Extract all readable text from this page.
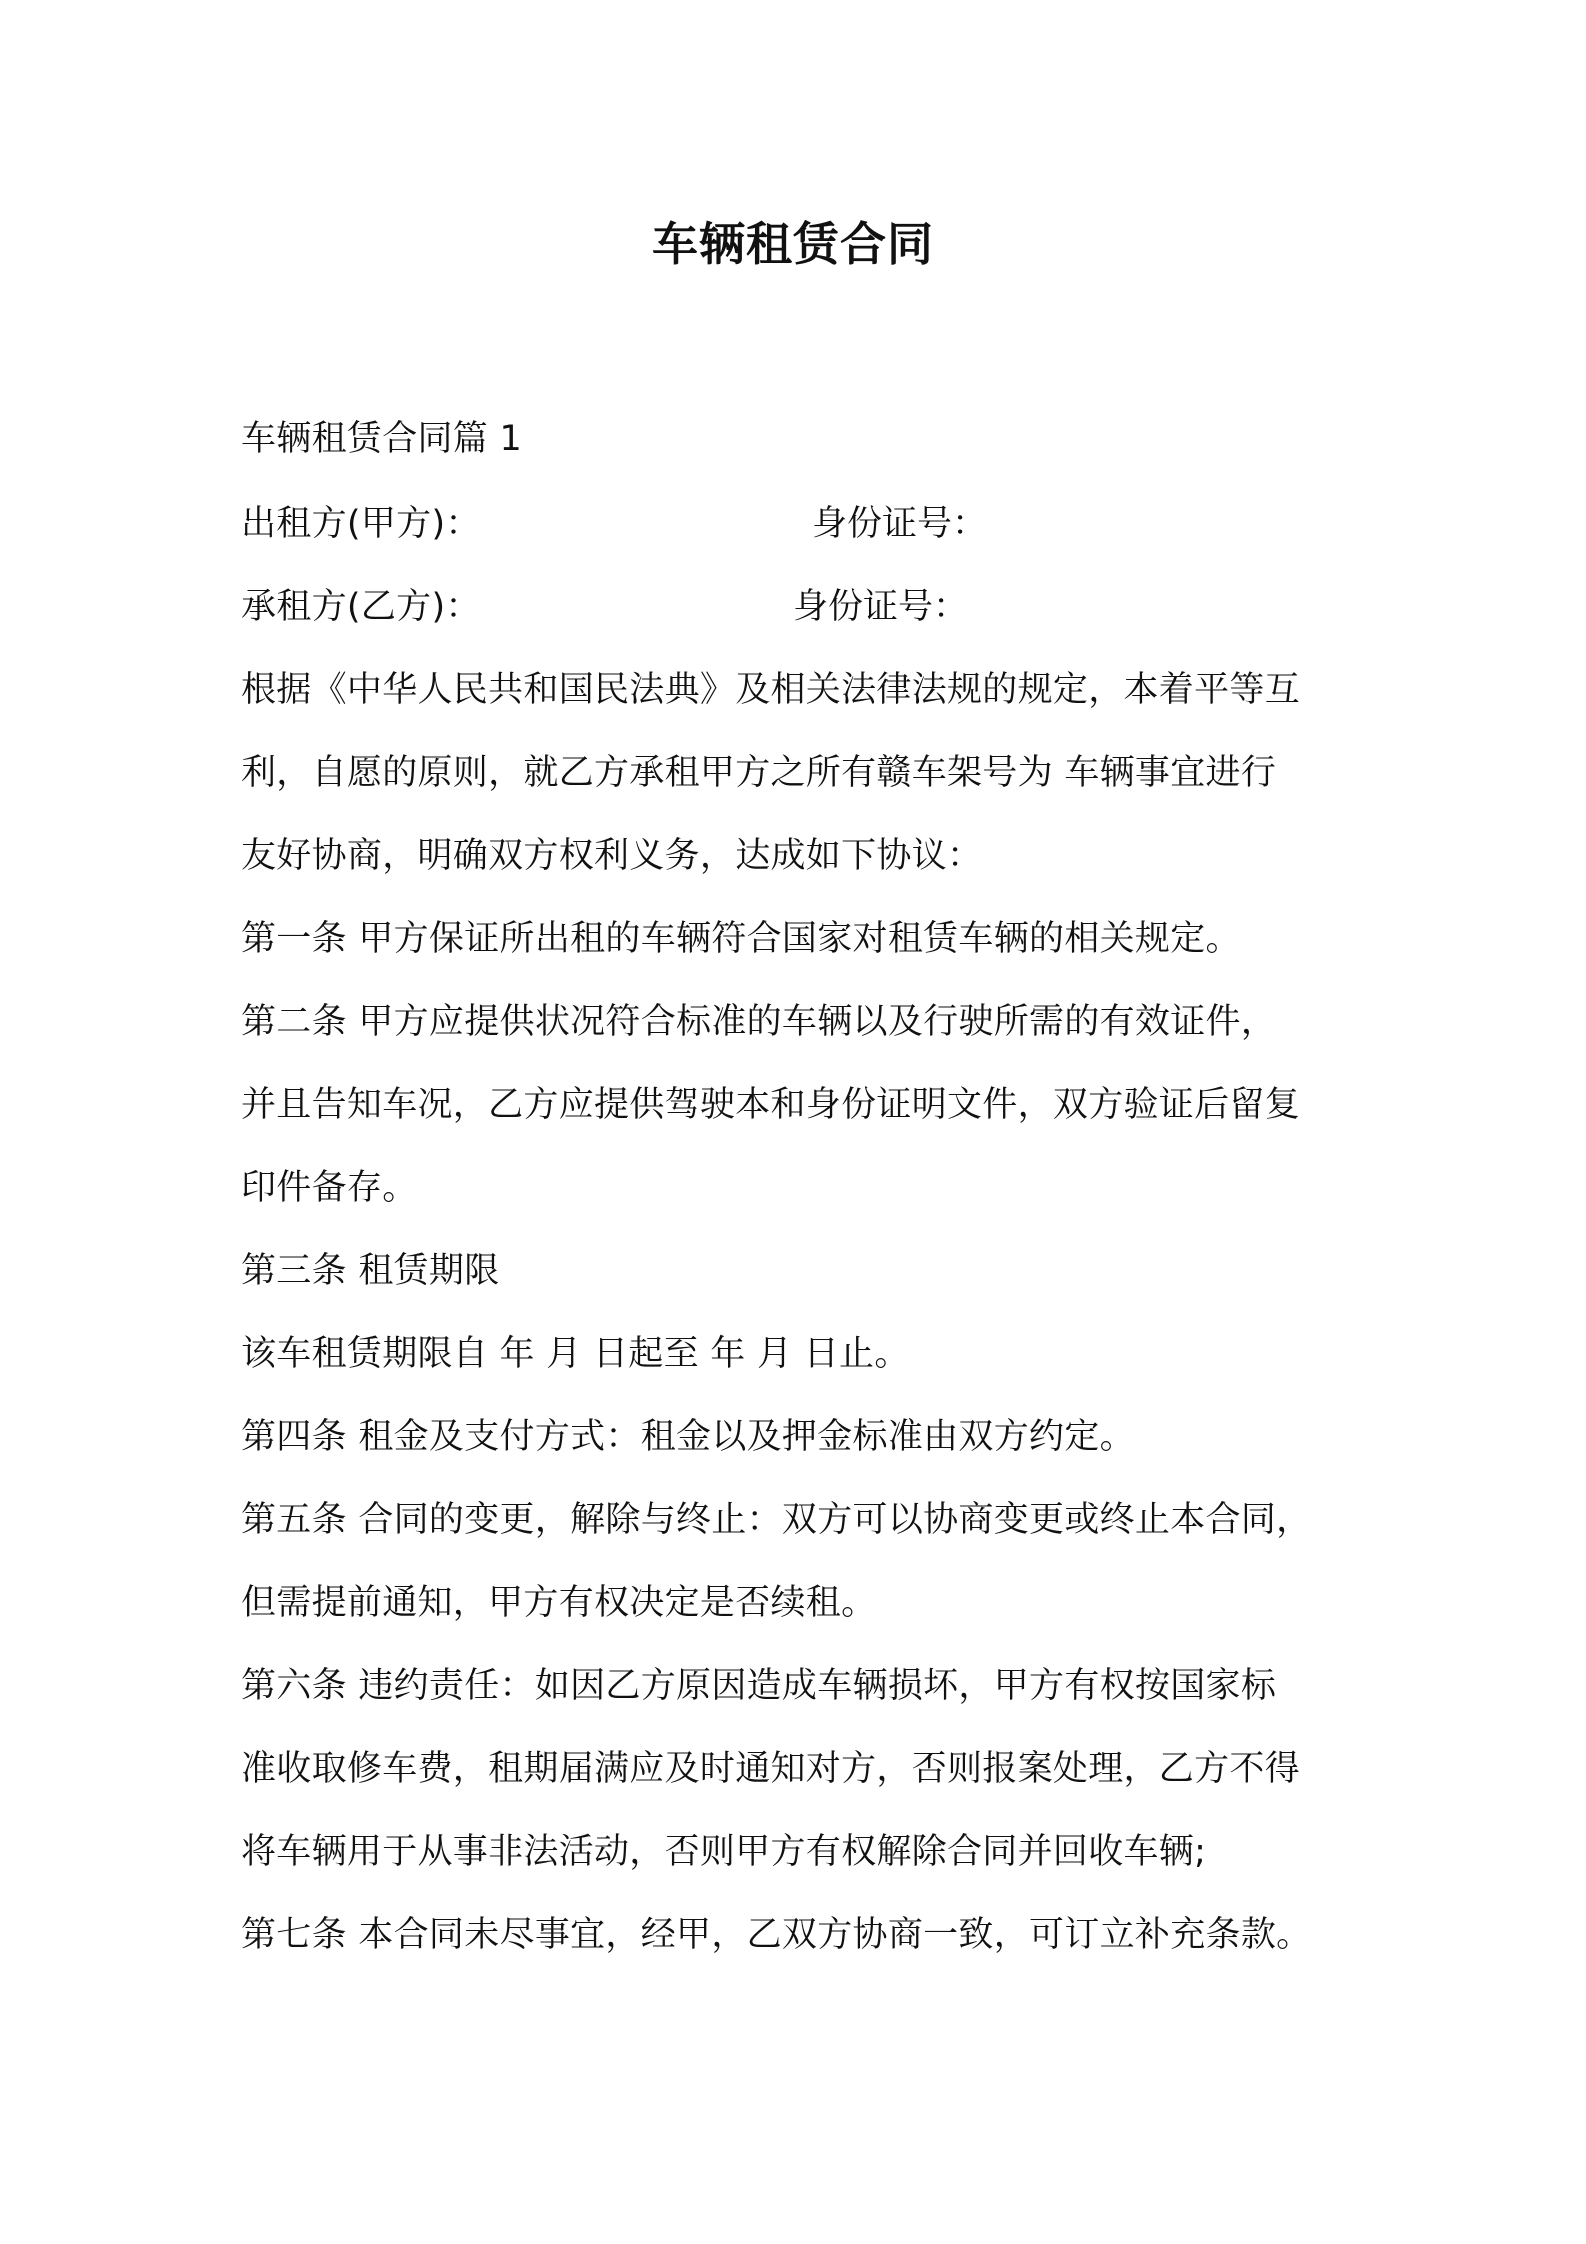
车辆租赁合同
车辆租赁合同篇 1
出租方(甲方)：	身份证号：
承租方(乙方)：	身份证号：
根据《中华人民共和国民法典》及相关法律法规的规定，本着平等互
利，自愿的原则，就乙方承租甲方之所有赣车架号为 车辆事宜进行
友好协商，明确双方权利义务，达成如下协议：
第一条 甲方保证所出租的车辆符合国家对租赁车辆的相关规定。
第二条 甲方应提供状况符合标准的车辆以及行驶所需的有效证件，
并且告知车况，乙方应提供驾驶本和身份证明文件，双方验证后留复
印件备存。
第三条 租赁期限
该车租赁期限自 年 月 日起至 年 月 日止。
第四条 租金及支付方式：租金以及押金标准由双方约定。
第五条 合同的变更，解除与终止：双方可以协商变更或终止本合同，
但需提前通知，甲方有权决定是否续租。
第六条 违约责任：如因乙方原因造成车辆损坏，甲方有权按国家标
准收取修车费，租期届满应及时通知对方，否则报案处理，乙方不得
将车辆用于从事非法活动，否则甲方有权解除合同并回收车辆;
第七条 本合同未尽事宜，经甲，乙双方协商一致，可订立补充条款。
